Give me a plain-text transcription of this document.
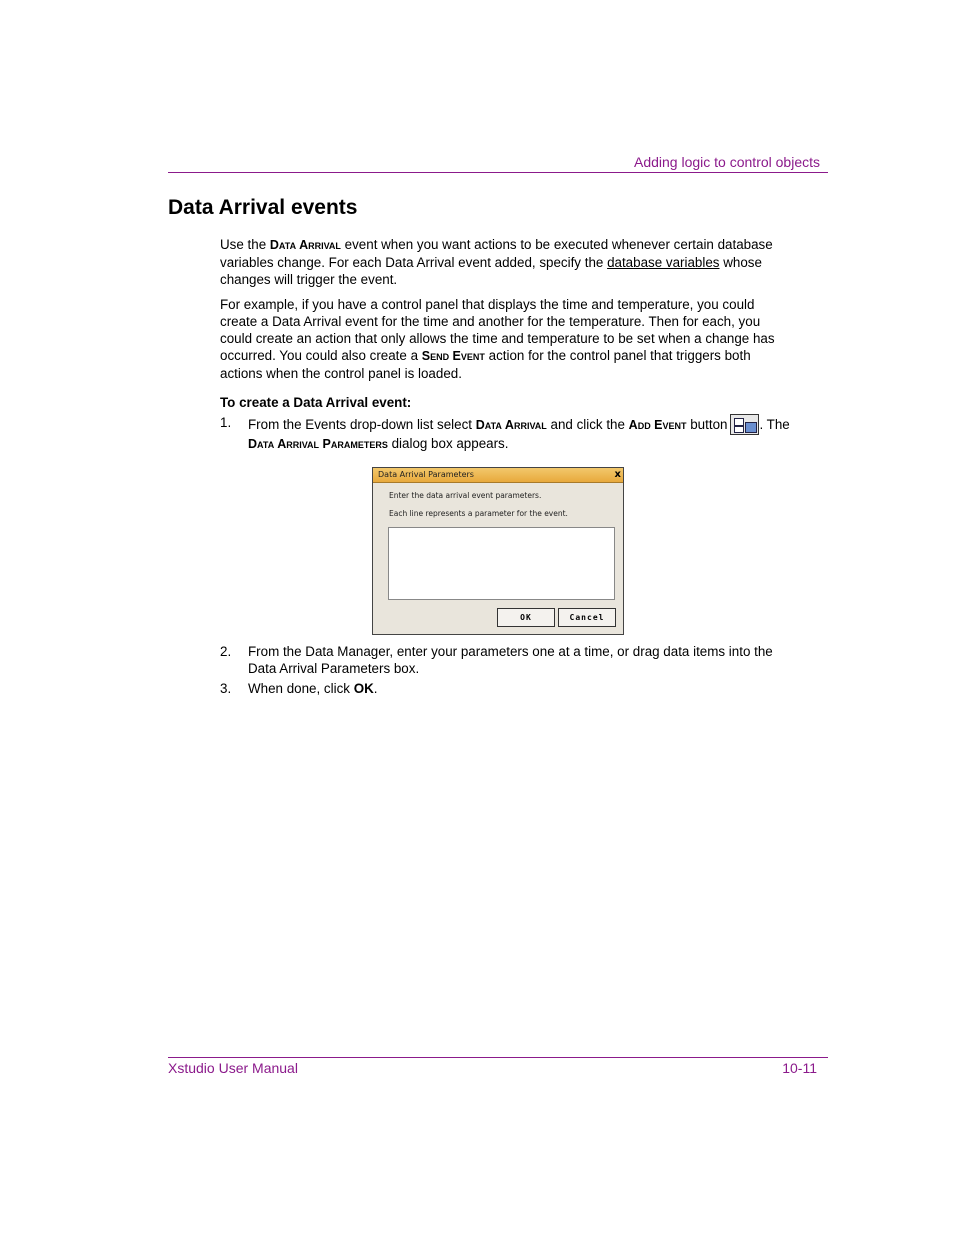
Adding logic to control objects
Data Arrival events

Use the Data Arrival event when you want actions to be executed whenever certain database variables change. For each Data Arrival event added, specify the database variables whose changes will trigger the event.

For example, if you have a control panel that displays the time and temperature, you could create a Data Arrival event for the time and another for the temperature. Then for each, you could create an action that only allows the time and temperature to be set when a change has occurred. You could also create a Send Event action for the control panel that triggers both actions when the control panel is loaded.

To create a Data Arrival event:
1. From the Events drop-down list select Data Arrival and click the Add Event button . The Data Arrival Parameters dialog box appears.
Data Arrival Parameters	x
Enter the data arrival event parameters.
Each line represents a parameter for the event.
OK	Cancel
2. From the Data Manager, enter your parameters one at a time, or drag data items into the Data Arrival Parameters box.
3. When done, click OK.
Xstudio User Manual	10-11
